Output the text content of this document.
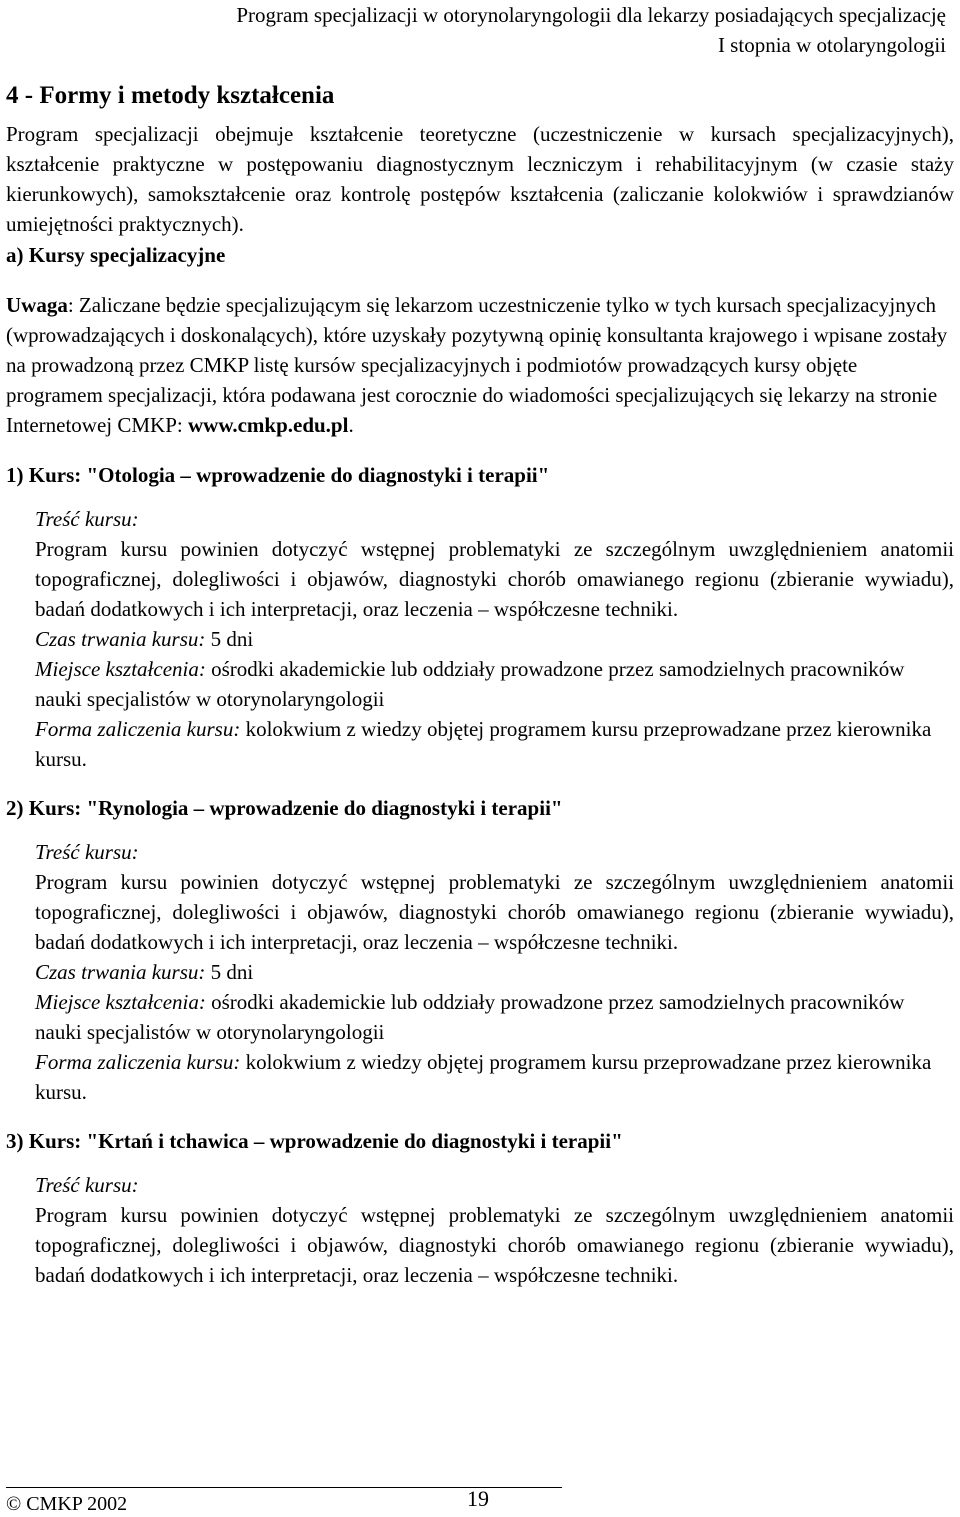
Program specjalizacji w otorynolaryngologii dla lekarzy posiadających specjalizację
I stopnia w otolaryngologii
4 - Formy i metody kształcenia

Program specjalizacji obejmuje kształcenie teoretyczne (uczestniczenie w kursach specjalizacyjnych), kształcenie praktyczne w postępowaniu diagnostycznym leczniczym i rehabilitacyjnym (w czasie staży kierunkowych), samokształcenie oraz kontrolę postępów kształcenia (zaliczanie kolokwiów i sprawdzianów umiejętności praktycznych).

a) Kursy specjalizacyjne

Uwaga: Zaliczane będzie specjalizującym się lekarzom uczestniczenie tylko w tych kursach specjalizacyjnych (wprowadzających i doskonalących), które uzyskały pozytywną opinię konsultanta krajowego i wpisane zostały na prowadzoną przez CMKP listę kursów specjalizacyjnych i podmiotów prowadzących kursy objęte programem specjalizacji, która podawana jest corocznie do wiadomości specjalizujących się lekarzy na stronie Internetowej CMKP: www.cmkp.edu.pl.

1) Kurs: "Otologia – wprowadzenie do diagnostyki i terapii"

Treść kursu:

Program kursu powinien dotyczyć wstępnej problematyki ze szczególnym uwzględnieniem anatomii topograficznej, dolegliwości i objawów, diagnostyki chorób omawianego regionu (zbieranie wywiadu), badań dodatkowych i ich interpretacji, oraz leczenia – współczesne techniki.

Czas trwania kursu: 5 dni

Miejsce kształcenia: ośrodki akademickie lub oddziały prowadzone przez samodzielnych pracowników nauki specjalistów w otorynolaryngologii

Forma zaliczenia kursu: kolokwium z wiedzy objętej programem kursu przeprowadzane przez kierownika kursu.

2) Kurs: "Rynologia – wprowadzenie do diagnostyki i terapii"

Treść kursu:

Program kursu powinien dotyczyć wstępnej problematyki ze szczególnym uwzględnieniem anatomii topograficznej, dolegliwości i objawów, diagnostyki chorób omawianego regionu (zbieranie wywiadu), badań dodatkowych i ich interpretacji, oraz leczenia – współczesne techniki.

Czas trwania kursu: 5 dni

Miejsce kształcenia: ośrodki akademickie lub oddziały prowadzone przez samodzielnych pracowników nauki specjalistów w otorynolaryngologii

Forma zaliczenia kursu: kolokwium z wiedzy objętej programem kursu przeprowadzane przez kierownika kursu.

3) Kurs: "Krtań i tchawica – wprowadzenie do diagnostyki i terapii"

Treść kursu:

Program kursu powinien dotyczyć wstępnej problematyki ze szczególnym uwzględnieniem anatomii topograficznej, dolegliwości i objawów, diagnostyki chorób omawianego regionu (zbieranie wywiadu), badań dodatkowych i ich interpretacji, oraz leczenia – współczesne techniki.

© CMKP 2002	19
